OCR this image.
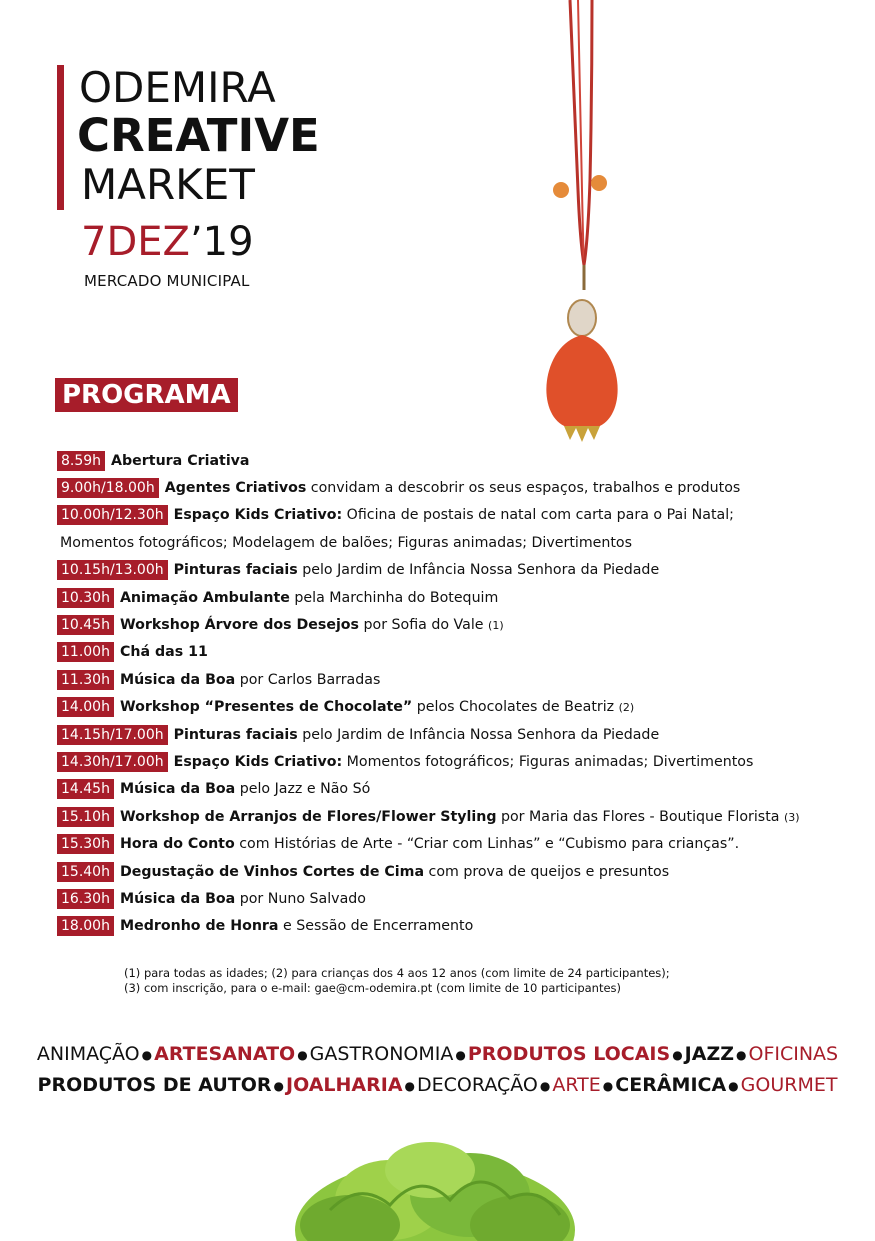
ODEMIRA
CREATIVE
MARKET
7DEZ’19
MERCADO MUNICIPAL
PROGRAMA
8.59h Abertura Criativa
9.00h/18.00h Agentes Criativos convidam a descobrir os seus espaços, trabalhos e produtos
10.00h/12.30h Espaço Kids Criativo: Oficina de postais de natal com carta para o Pai Natal;
Momentos fotográficos; Modelagem de balões; Figuras animadas; Divertimentos
10.15h/13.00h Pinturas faciais pelo Jardim de Infância Nossa Senhora da Piedade
10.30h Animação Ambulante pela Marchinha do Botequim
10.45h Workshop Árvore dos Desejos por Sofia do Vale (1)
11.00h Chá das 11
11.30h Música da Boa por Carlos Barradas
14.00h Workshop “Presentes de Chocolate” pelos Chocolates de Beatriz (2)
14.15h/17.00h Pinturas faciais pelo Jardim de Infância Nossa Senhora da Piedade
14.30h/17.00h Espaço Kids Criativo: Momentos fotográficos; Figuras animadas; Divertimentos
14.45h Música da Boa pelo Jazz e Não Só
15.10h Workshop de Arranjos de Flores/Flower Styling por Maria das Flores - Boutique Florista (3)
15.30h Hora do Conto com Histórias de Arte - “Criar com Linhas” e “Cubismo para crianças”.
15.40h Degustação de Vinhos Cortes de Cima com prova de queijos e presuntos
16.30h Música da Boa por Nuno Salvado
18.00h Medronho de Honra e Sessão de Encerramento
(1) para todas as idades; (2) para crianças dos 4 aos 12 anos (com limite de 24 participantes);
(3) com inscrição, para o e-mail: gae@cm-odemira.pt (com limite de 10 participantes)
ANIMAÇÃO ● ARTESANATO ● GASTRONOMIA ● PRODUTOS LOCAIS ● JAZZ ● OFICINAS
PRODUTOS DE AUTOR ● JOALHARIA ● DECORAÇÃO ● ARTE ● CERÂMICA ● GOURMET
